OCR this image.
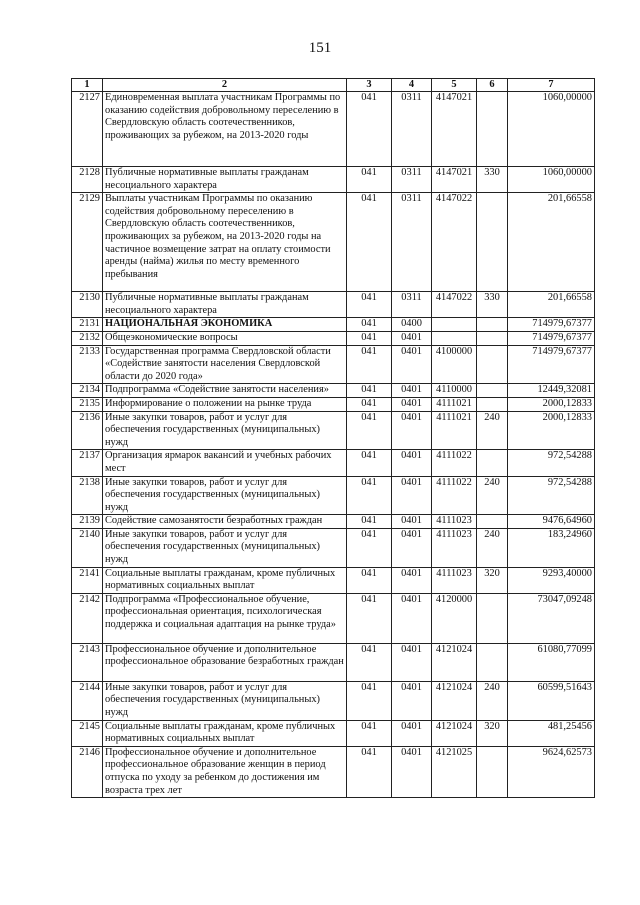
151
1	2	3	4	5	6	7
2127	Единовременная выплата участникам Программы по оказанию содействия добровольному переселению в Свердловскую область соотечественников, проживающих за рубежом, на 2013-2020 годы	041	0311	4147021		1060,00000
2128	Публичные нормативные выплаты гражданам несоциального характера	041	0311	4147021	330	1060,00000
2129	Выплаты участникам Программы по оказанию содействия добровольному переселению в Свердловскую область соотечественников, проживающих за рубежом, на 2013-2020 годы на частичное возмещение затрат на оплату стоимости аренды (найма) жилья по месту временного пребывания	041	0311	4147022		201,66558
2130	Публичные нормативные выплаты гражданам несоциального характера	041	0311	4147022	330	201,66558
2131	НАЦИОНАЛЬНАЯ ЭКОНОМИКА	041	0400			714979,67377
2132	Общеэкономические вопросы	041	0401			714979,67377
2133	Государственная программа Свердловской области «Содействие занятости населения Свердловской области до 2020 года»	041	0401	4100000		714979,67377
2134	Подпрограмма «Содействие занятости населения»	041	0401	4110000		12449,32081
2135	Информирование о положении на рынке труда	041	0401	4111021		2000,12833
2136	Иные закупки товаров, работ и услуг для обеспечения государственных (муниципальных) нужд	041	0401	4111021	240	2000,12833
2137	Организация ярмарок вакансий и учебных рабочих мест	041	0401	4111022		972,54288
2138	Иные закупки товаров, работ и услуг для обеспечения государственных (муниципальных) нужд	041	0401	4111022	240	972,54288
2139	Содействие самозанятости безработных граждан	041	0401	4111023		9476,64960
2140	Иные закупки товаров, работ и услуг для обеспечения государственных (муниципальных) нужд	041	0401	4111023	240	183,24960
2141	Социальные выплаты гражданам, кроме публичных нормативных социальных выплат	041	0401	4111023	320	9293,40000
2142	Подпрограмма «Профессиональное обучение, профессиональная ориентация, психологическая поддержка и социальная адаптация на рынке труда»	041	0401	4120000		73047,09248
2143	Профессиональное обучение и дополнительное профессиональное образование безработных граждан	041	0401	4121024		61080,77099
2144	Иные закупки товаров, работ и услуг для обеспечения государственных (муниципальных) нужд	041	0401	4121024	240	60599,51643
2145	Социальные выплаты гражданам, кроме публичных нормативных социальных выплат	041	0401	4121024	320	481,25456
2146	Профессиональное обучение и дополнительное профессиональное образование женщин в период отпуска по уходу за ребенком до достижения им возраста трех лет	041	0401	4121025		9624,62573
